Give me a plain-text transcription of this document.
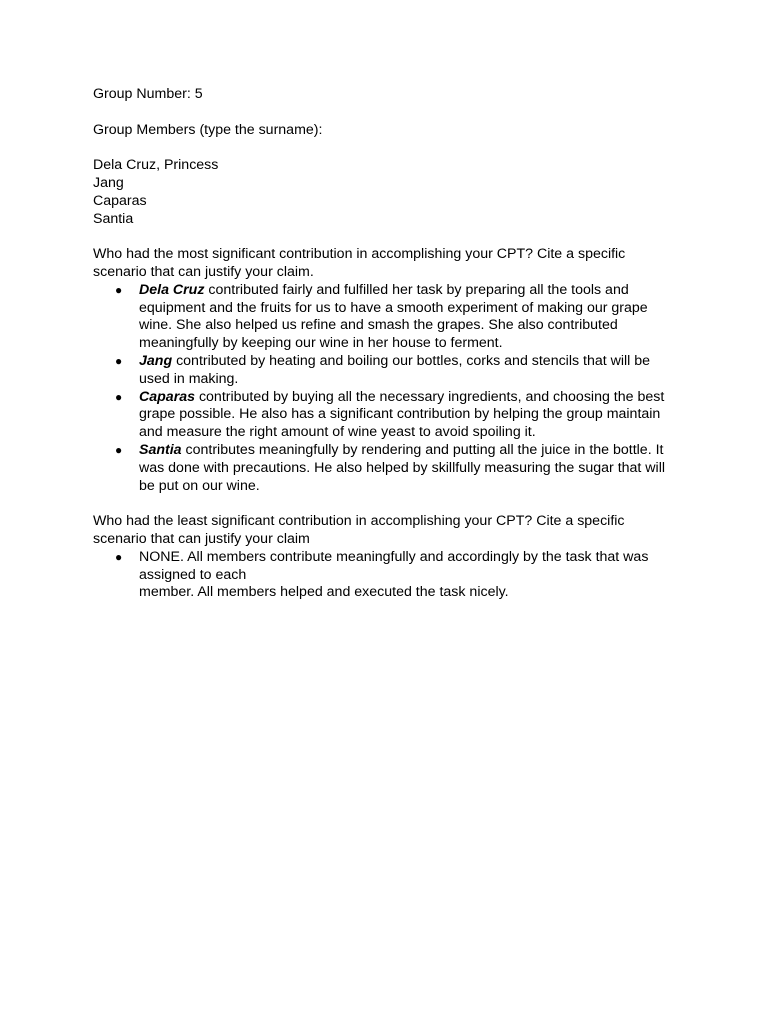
Group Number: 5

Group Members (type the surname):

Dela Cruz, Princess

Jang

Caparas

Santia

Who had the most significant contribution in accomplishing your CPT? Cite a specific scenario that can justify your claim.

● Dela Cruz contributed fairly and fulfilled her task by preparing all the tools and equipment and the fruits for us to have a smooth experiment of making our grape wine. She also helped us refine and smash the grapes. She also contributed meaningfully by keeping our wine in her house to ferment.
● Jang contributed by heating and boiling our bottles, corks and stencils that will be used in making.
● Caparas contributed by buying all the necessary ingredients, and choosing the best grape possible. He also has a significant contribution by helping the group maintain and measure the right amount of wine yeast to avoid spoiling it.
● Santia contributes meaningfully by rendering and putting all the juice in the bottle. It was done with precautions. He also helped by skillfully measuring the sugar that will be put on our wine.

Who had the least significant contribution in accomplishing your CPT? Cite a specific scenario that can justify your claim

● NONE. All members contribute meaningfully and accordingly by the task that was assigned to each
member. All members helped and executed the task nicely.
